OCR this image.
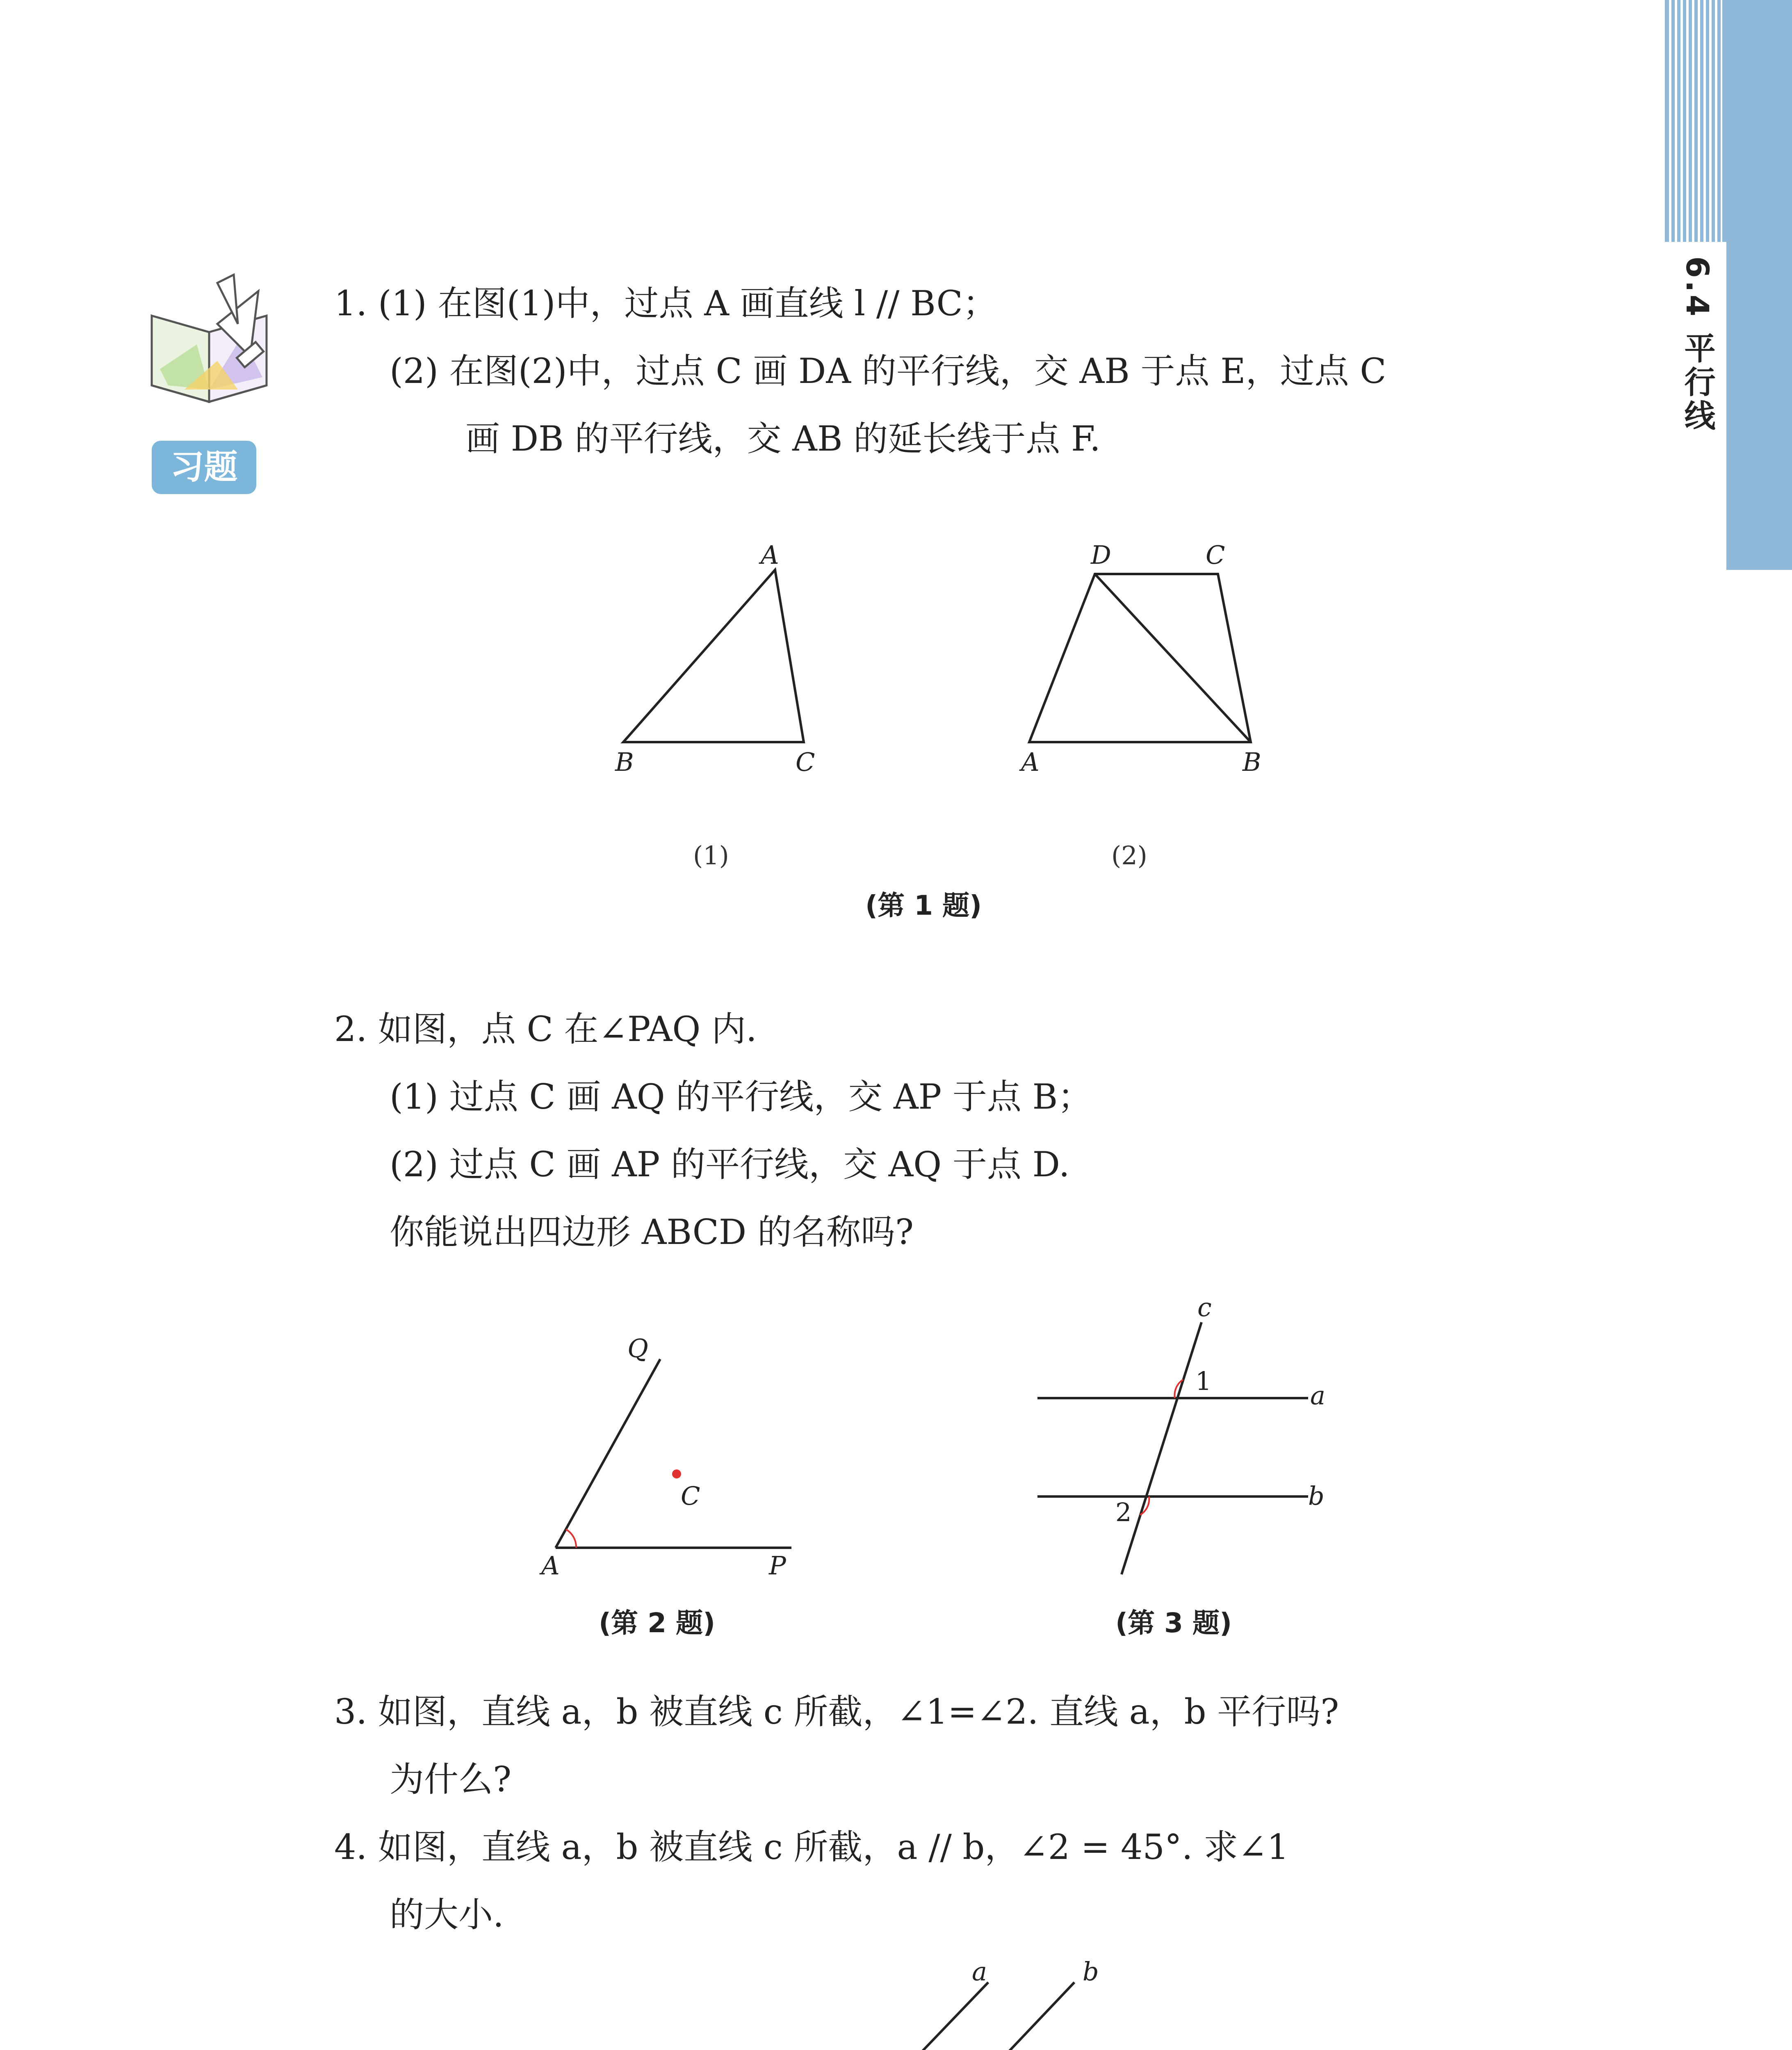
6.4 平行线
习题
1. (1) 在图(1)中，过点 A 画直线 l // BC；
(2) 在图(2)中，过点 C 画 DA 的平行线，交 AB 于点 E，过点 C
画 DB 的平行线，交 AB 的延长线于点 F.
A
B	C
(1)
D	C
A	B
(2)
(第 1 题)
2. 如图，点 C 在∠PAQ 内.
(1) 过点 C 画 AQ 的平行线，交 AP 于点 B；
(2) 过点 C 画 AP 的平行线，交 AQ 于点 D.
你能说出四边形 ABCD 的名称吗?
Q
C
A	P
(第 2 题)
c
a
b
1
2
(第 3 题)
3. 如图，直线 a，b 被直线 c 所截，∠1=∠2. 直线 a，b 平行吗?
为什么?
4. 如图，直线 a，b 被直线 c 所截，a // b，∠2 = 45°. 求∠1
的大小.
a	b
